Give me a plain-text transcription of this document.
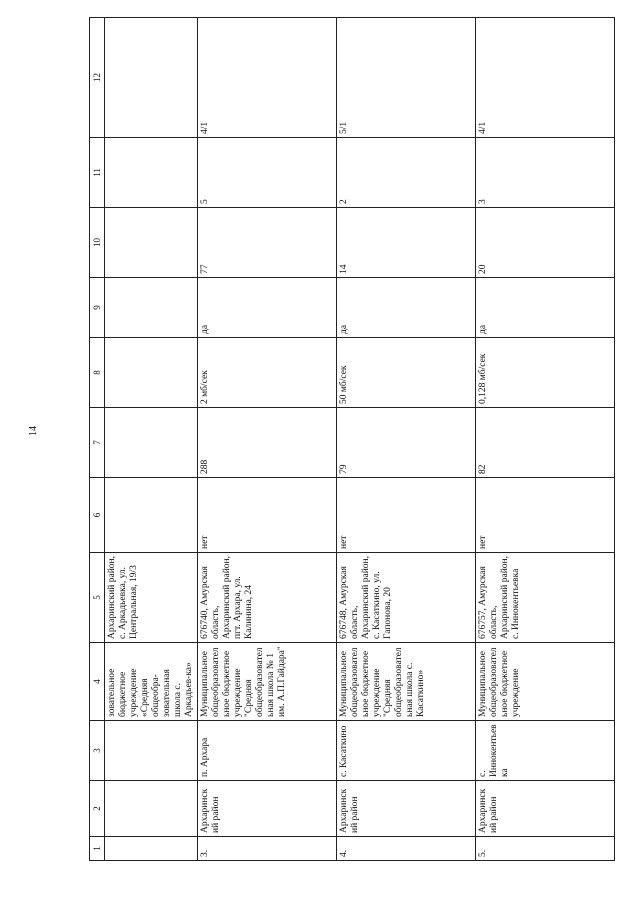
14
1	2	3	4	5	6	7	8	9	10	11	12
			зовательное бюджетное учреждение «Средняя общеобра-зовательная школа с. Аркадьев-ка»	Архаринский район, с. Аркадьевка, ул. Центральная, 19/3							
3.	Архаринский район	п. Архара	Муниципальное общеобразовательное бюджетное учреждение "Средняя общеобразовательная школа № 1 им. А.П.Гайдара"	676740, Амурская область, Архаринский район, пгт. Архара, ул. Калинина, 24	нет	288	2 мб/сек	да	77	5	4/1
4.	Архаринский район	с. Касаткино	Муниципальное общеобразовательное бюджетное учреждение "Средняя общеобразовательная школа с. Касаткино»	676748, Амурская область, Архаринский район, с. Касаткино, ул. Гапонова, 20	нет	79	50 мб/сек	да	14	2	5/1
5.	Архаринский район	с. Иннокентьевка	Муниципальное общеобразовательное бюджетное учреждение	676757, Амурская область, Архаринский район, с. Иннокентьевка	нет	82	0,128 мб/сек	да	20	3	4/1
